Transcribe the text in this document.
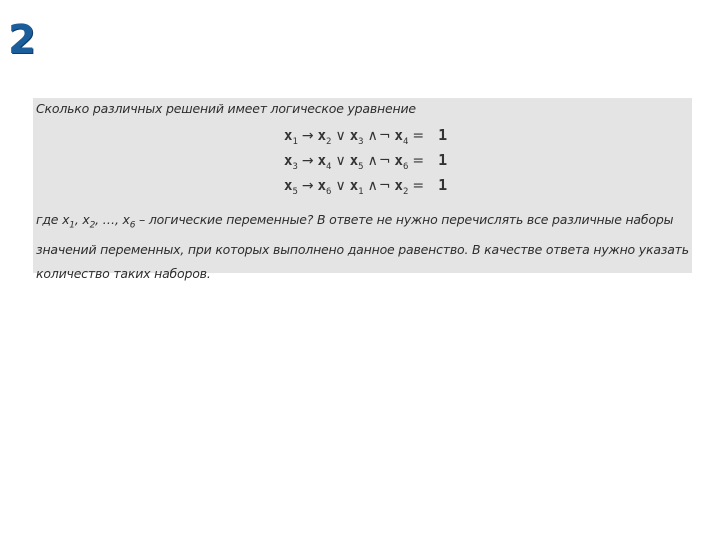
2
Сколько различных решений имеет логическое уравнение
$x_1 \to x_2$ ∨ $x_3$ ∧ ¬ $x_4 = 1$
$x_3 \to x_4$ ∨ $x_5$ ∧ ¬ $x_6 = 1$
$x_5 \to x_6$ ∨ $x_1$ ∧ ¬ $x_2 = 1$
где $x_1$, $x_2$, …, $x_6$ – логические переменные? В ответе не нужно перечислять все различные наборы значений переменных, при которых выполнено данное равенство. В качестве ответа нужно указать количество таких наборов.
